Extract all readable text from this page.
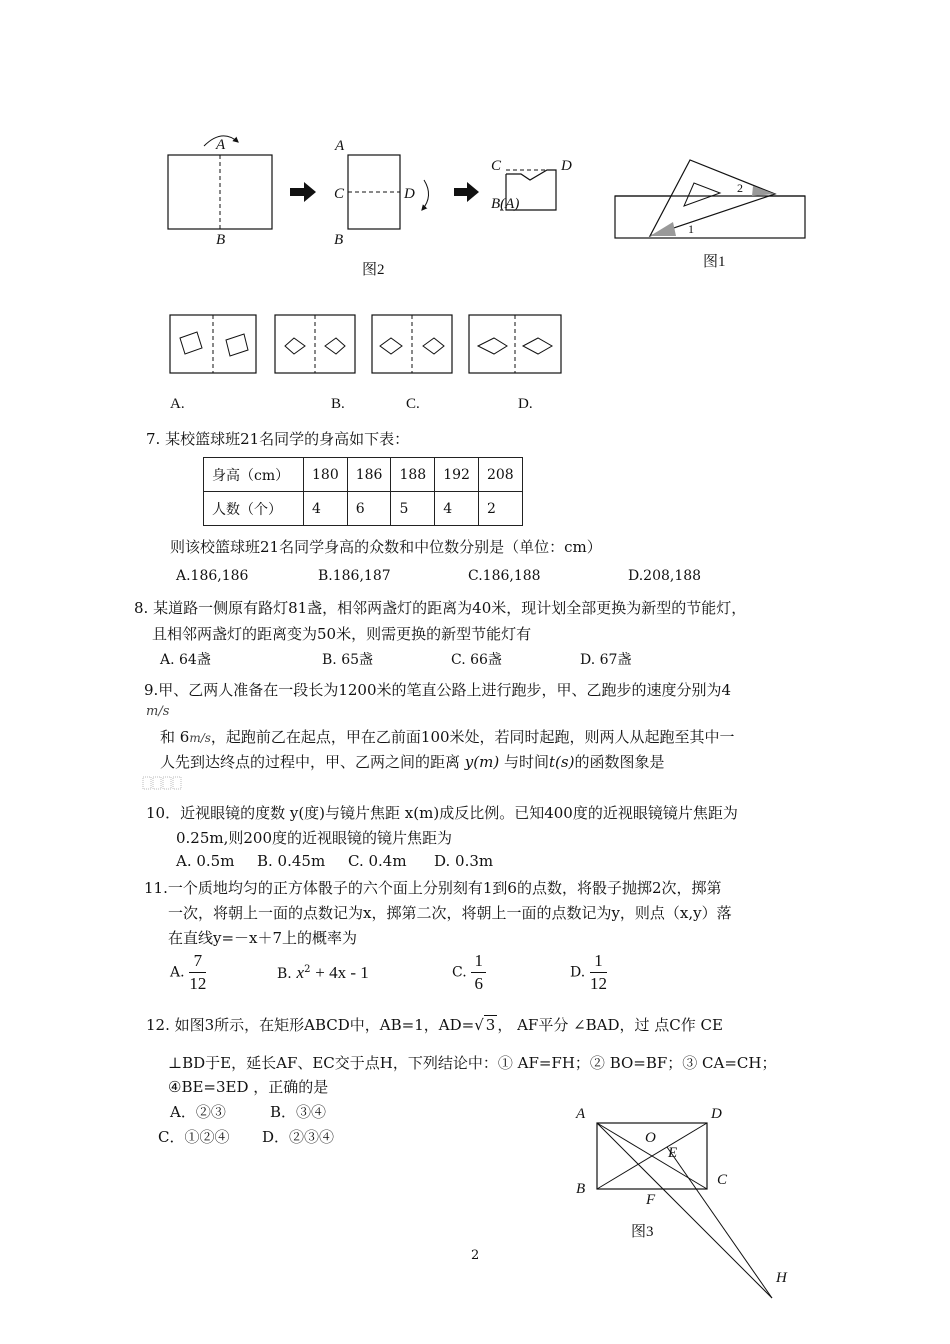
A
B
A
C	D
B
C	D
B(A)
图2
1
2
图1
A.	B.	C.	D.
7. 某校篮球班21名同学的身高如下表：
身高（cm）	180	186	188	192	208
人数（个）	4	6	5	4	2
则该校篮球班21名同学身高的众数和中位数分别是（单位：cm）
A.186,186	B.186,187	C.186,188	D.208,188
8. 某道路一侧原有路灯81盏，相邻两盏灯的距离为40米，现计划全部更换为新型的节能灯，
且相邻两盏灯的距离变为50米，则需更换的新型节能灯有
A. 64盏	B. 65盏	C. 66盏	D. 67盏
9.甲、乙两人准备在一段长为1200米的笔直公路上进行跑步，甲、乙跑步的速度分别为4
m/s
和 6m/s，起跑前乙在起点，甲在乙前面100米处，若同时起跑，则两人从起跑至其中一
人先到达终点的过程中，甲、乙两之间的距离 y(m) 与时间t(s)的函数图象是
10．近视眼镜的度数 y(度)与镜片焦距 x(m)成反比例。已知400度的近视眼镜镜片焦距为
0.25m,则200度的近视眼镜的镜片焦距为
A. 0.5m B. 0.45m C. 0.4m D. 0.3m
11.一个质地均匀的正方体骰子的六个面上分别刻有1到6的点数，将骰子抛掷2次，掷第
一次，将朝上一面的点数记为x，掷第二次，将朝上一面的点数记为y，则点（x,y）落
在直线y=－x＋7上的概率为
A. $\frac{7}{12}$	B. $x^2 + 4x - 1$	C. $\frac{1}{6}$	D. $\frac{1}{12}$
12. 如图3所示，在矩形ABCD中，AB=1，AD=√ 3 ， AF平分 ∠BAD，过 点C作 CE
⊥BD于E，延长AF、EC交于点H，下列结论中：① AF=FH；② BO=BF；③ CA=CH；
④BE=3ED ，正确的是
A．②③	B．③④
C．①②④ D．②③④
A	D
O
E
B
C
F
H
图3
2
